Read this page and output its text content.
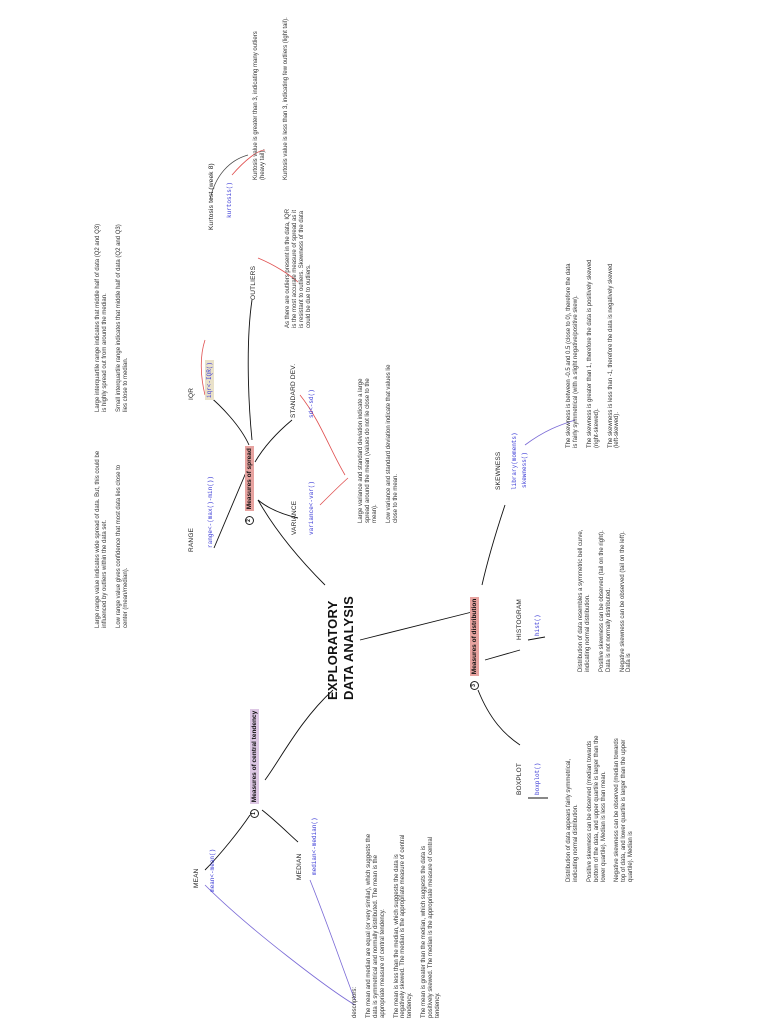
EXPLORATORY DATA ANALYSIS
1 Measures of central tendency
MEAN mean<-mean()	MEDIAN median<-median()

descriptors: The mean and median are equal (or very similar), which suggests the data is symmetrical and normally distributed. The mean is the appropriate measure of central tendency. The mean is less than the median, which suggests the data is negatively skewed. The median is the appropriate measure of central tendency. The mean is greater than the median, which suggests the data is positively skewed. The median is the appropriate measure of central tendency.

2 Measures of spread
RANGE range<-(max()-min())

Large range value indicates wide spread of data. But, this could be influenced by outliers within the data set. Low range value gives confidence that most data lies close to center (mean/median).

IQR iqr<-IQR()

Large interquartile range indicates that middle half of data (Q2 and Q3) is highly spread out from around the median. Small interquartile range indicates that middle half of data (Q2 and Q3) lies close to median.

VARIANCE variance<-var()
STANDARD DEV. sd<-sd()	Large variance and standard deviation indicate a large spread around the mean (values do not lie close to the mean). Low variance and standard deviation indicate that values lie close to the mean.

OUTLIERS	As there are outliers present in the data, IQR is the most accurate measure of spread as it is resistant to outliers. Skewness of the data could be due to outliers.

Kurtosis test (week 8) kurtosis()

Kurtosis value is greater than 3, indicating many outliers (heavy tail).	Kurtosis value is less than 3, indicating few outliers (light tail).

3 Measures of distribution
BOXPLOT boxplot()	Distribution of data appears fairly symmetrical, indicating normal distribution. Positive skewness can be observed (median towards bottom of the data, and upper quartile is larger than the lower quartile). Median is less than mean. Negative skewness can be observed (median towards top of data, and lower quartile is larger than the upper quartile). Median is

HISTOGRAM hist()	Distribution of data resembles a symmetric bell curve, indicating normal distribution. Positive skewness can be observed (tail on the right). Data is not normally distributed. Negative skewness can be observed (tail on the left). Data is

SKEWNESS library(moments) skewness()

The skewness is between -0.5 and 0.5 (close to 0), therefore the data is fairly symmetrical (with a slight negative/positive skew). The skewness is greater than 1, therefore the data is positively skewed (right-skewed). The skewness is less than -1, therefore the data is negatively skewed (left-skewed).
